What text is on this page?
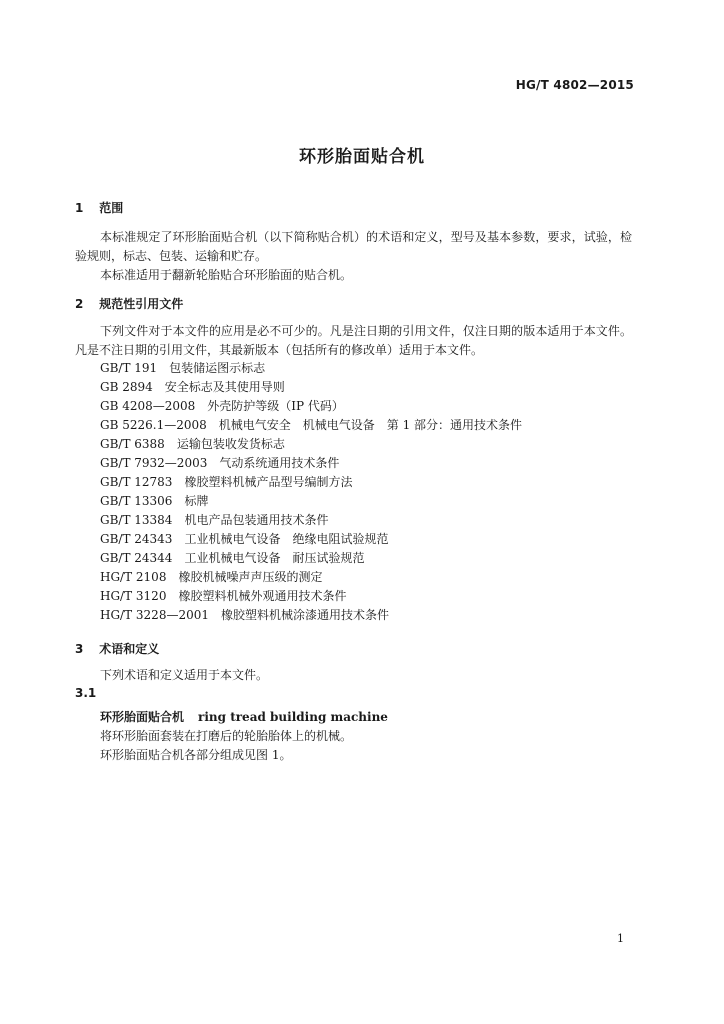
HG/T 4802—2015
环形胎面贴合机
1 范围
本标准规定了环形胎面贴合机（以下简称贴合机）的术语和定义，型号及基本参数，要求，试验，检验规则，标志、包装、运输和贮存。
本标准适用于翻新轮胎贴合环形胎面的贴合机。
2 规范性引用文件
下列文件对于本文件的应用是必不可少的。凡是注日期的引用文件，仅注日期的版本适用于本文件。凡是不注日期的引用文件，其最新版本（包括所有的修改单）适用于本文件。
GB/T 191 包装储运图示标志
GB 2894 安全标志及其使用导则
GB 4208—2008 外壳防护等级（IP 代码）
GB 5226.1—2008 机械电气安全　机械电气设备　第 1 部分：通用技术条件
GB/T 6388 运输包装收发货标志
GB/T 7932—2003 气动系统通用技术条件
GB/T 12783 橡胶塑料机械产品型号编制方法
GB/T 13306 标牌
GB/T 13384 机电产品包装通用技术条件
GB/T 24343 工业机械电气设备　绝缘电阻试验规范
GB/T 24344 工业机械电气设备　耐压试验规范
HG/T 2108 橡胶机械噪声声压级的测定
HG/T 3120 橡胶塑料机械外观通用技术条件
HG/T 3228—2001 橡胶塑料机械涂漆通用技术条件
3 术语和定义
下列术语和定义适用于本文件。
3.1
环形胎面贴合机 ring tread building machine
将环形胎面套装在打磨后的轮胎胎体上的机械。
环形胎面贴合机各部分组成见图 1。
1
